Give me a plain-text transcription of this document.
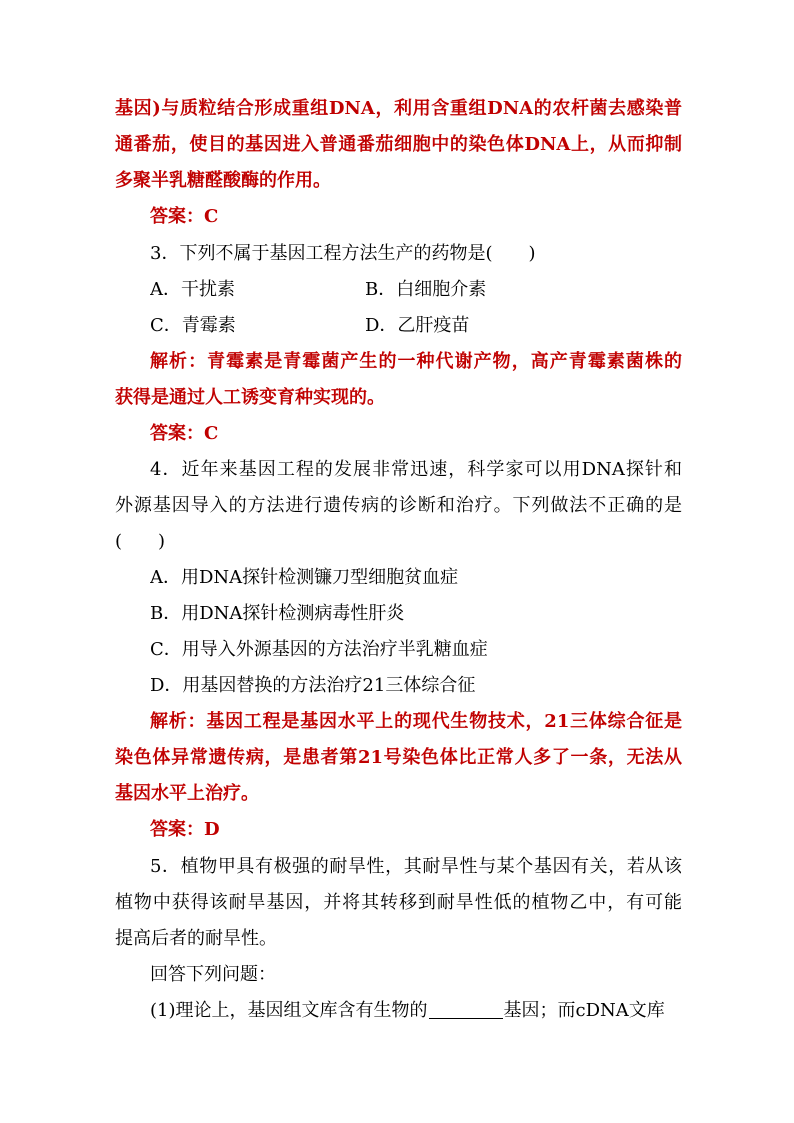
基因)与质粒结合形成重组DNA，利用含重组DNA的农杆菌去感染普
通番茄，使目的基因进入普通番茄细胞中的染色体DNA上，从而抑制
多聚半乳糖醛酸酶的作用。
答案：C
3．下列不属于基因工程方法生产的药物是(　　)
A．干扰素	B．白细胞介素
C．青霉素	D．乙肝疫苗
解析：青霉素是青霉菌产生的一种代谢产物，高产青霉素菌株的
获得是通过人工诱变育种实现的。
答案：C
4．近年来基因工程的发展非常迅速，科学家可以用DNA探针和
外源基因导入的方法进行遗传病的诊断和治疗。下列做法不正确的是
(　　)
A．用DNA探针检测镰刀型细胞贫血症
B．用DNA探针检测病毒性肝炎
C．用导入外源基因的方法治疗半乳糖血症
D．用基因替换的方法治疗21三体综合征
解析：基因工程是基因水平上的现代生物技术，21三体综合征是
染色体异常遗传病，是患者第21号染色体比正常人多了一条，无法从
基因水平上治疗。
答案：D
5．植物甲具有极强的耐旱性，其耐旱性与某个基因有关，若从该
植物中获得该耐旱基因，并将其转移到耐旱性低的植物乙中，有可能
提高后者的耐旱性。
回答下列问题：
(1)理论上，基因组文库含有生物的	基因；而cDNA文库
